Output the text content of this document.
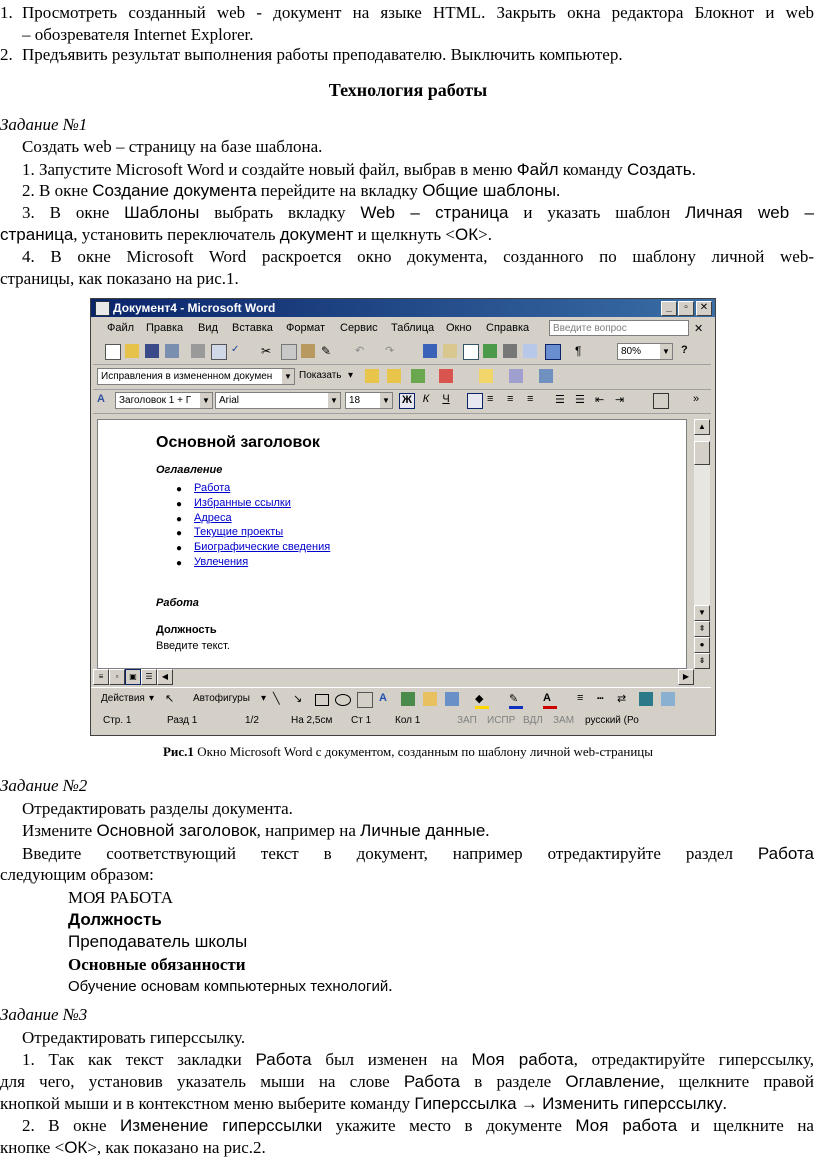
1. Просмотреть созданный web - документ на языке HTML. Закрыть окна редактора Блокнот и web
– обозревателя Internet Explorer.
2. Предъявить результат выполнения работы преподавателю. Выключить компьютер.
Технология работы
Задание №1
Создать web – страницу на базе шаблона.
1. Запустите Microsoft Word и создайте новый файл, выбрав в меню Файл команду Создать.
2. В окне Создание документа перейдите на вкладку Общие шаблоны.
3. В окне Шаблоны выбрать вкладку Web – страница и указать шаблон Личная web –
страница, установить переключатель документ и щелкнуть <ОК>.
4. В окне Microsoft Word раскроется окно документа, созданного по шаблону личной web-
страницы, как показано на рис.1.
Документ4 - Microsoft Word	_	▫	✕
Файл Правка Вид Вставка Формат Сервис Таблица Окно Справка	Введите вопрос	✕
✓	✂	✎	↶	↷	¶	80%	▼ ?
Исправления в измененном докумен ▼ Показать ▾
A	Заголовок 1 + Г ▼ Arial	▼	18	▼ Ж К	Ч	≡	≡	≡	☰ ☰ ⇤ ⇥	»
Основной заголовок
Оглавление
● Работа
● Избранные ссылки
● Адреса
● Текущие проекты
● Биографические сведения
● Увлечения
Работа
Должность
Введите текст.
▲
▼
⇞
●
⇟
≡	▫	▣	☰	◀	▶
Действия ▾ ↖	Автофигуры ▾ ╲	↘	A	◆	✎	A	≡	┅	⇄
Стр. 1	Разд 1	1/2	На 2,5см Ст 1 Кол 1	ЗАП ИСПР ВДЛ ЗАМ русский (Ро
Рис.1 Окно Microsoft Word с документом, созданным по шаблону личной web-страницы
Задание №2
Отредактировать разделы документа.
Измените Основной заголовок, например на Личные данные.
Введите соответствующий текст в документ, например отредактируйте раздел Работа
следующим образом:
МОЯ РАБОТА
Должность
Преподаватель школы
Основные обязанности
Обучение основам компьютерных технологий.
Задание №3
Отредактировать гиперссылку.
1. Так как текст закладки Работа был изменен на Моя работа, отредактируйте гиперссылку,
для чего, установив указатель мыши на слове Работа в разделе Оглавление, щелкните правой
кнопкой мыши и в контекстном меню выберите команду Гиперссылка → Изменить гиперссылку.
2. В окне Изменение гиперссылки укажите место в документе Моя работа и щелкните на
кнопке <ОК>, как показано на рис.2.
